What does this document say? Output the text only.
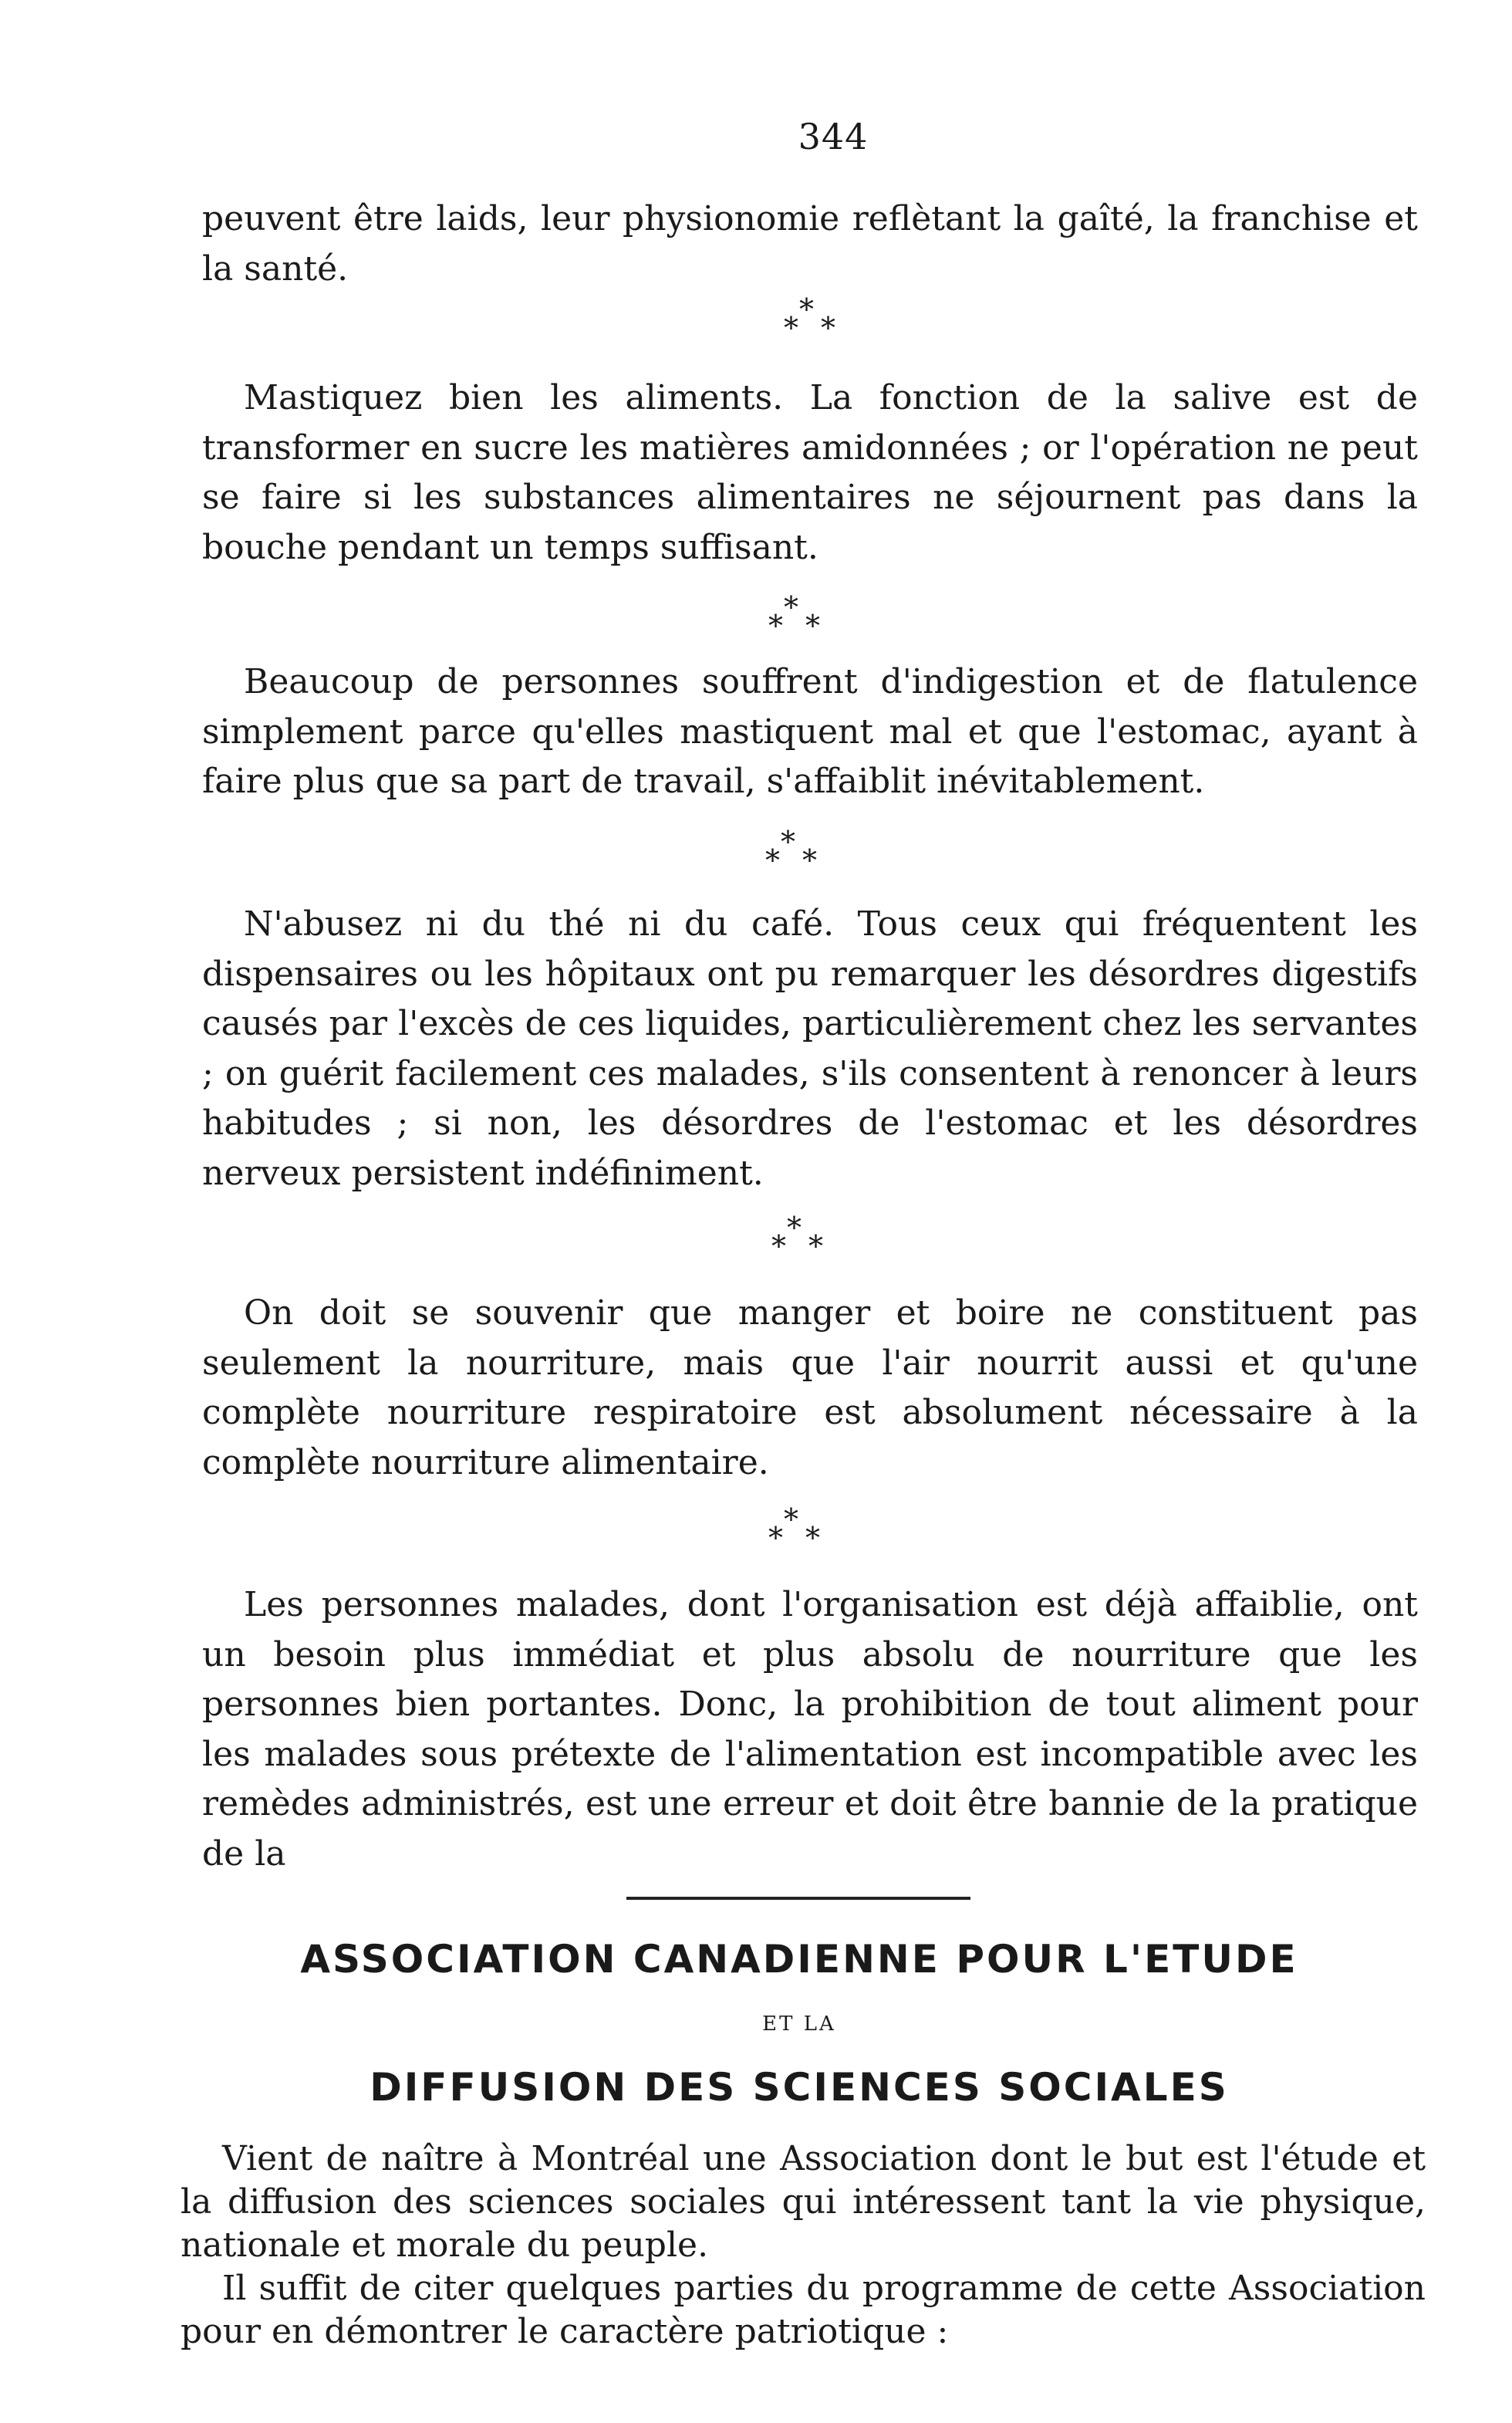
344

peuvent être laids, leur physionomie reflètant la gaîté, la franchise et la santé.

*
* *

Mastiquez bien les aliments. La fonction de la salive est de transformer en sucre les matières amidonnées ; or l'opération ne peut se faire si les substances alimentaires ne séjournent pas dans la bouche pendant un temps suffisant.

*
* *

Beaucoup de personnes souffrent d'indigestion et de flatulence simplement parce qu'elles mastiquent mal et que l'estomac, ayant à faire plus que sa part de travail, s'affaiblit inévitablement.

*
* *

N'abusez ni du thé ni du café. Tous ceux qui fréquentent les dispensaires ou les hôpitaux ont pu remarquer les désordres digestifs causés par l'excès de ces liquides, particulièrement chez les servantes ; on guérit facilement ces malades, s'ils consentent à renoncer à leurs habitudes ; si non, les désordres de l'estomac et les désordres nerveux persistent indéfiniment.

*
* *

On doit se souvenir que manger et boire ne constituent pas seulement la nourriture, mais que l'air nourrit aussi et qu'une complète nourriture respiratoire est absolument nécessaire à la complète nourriture alimentaire.

*
* *

Les personnes malades, dont l'organisation est déjà affaiblie, ont un besoin plus immédiat et plus absolu de nourriture que les personnes bien portantes. Donc, la prohibition de tout aliment pour les malades sous prétexte de l'alimentation est incompatible avec les remèdes administrés, est une erreur et doit être bannie de la pratique de la

ASSOCIATION CANADIENNE POUR L'ETUDE
ET LA
DIFFUSION DES SCIENCES SOCIALES

Vient de naître à Montréal une Association dont le but est l'étude et la diffusion des sciences sociales qui intéressent tant la vie physique, nationale et morale du peuple.

Il suffit de citer quelques parties du programme de cette Association pour en démontrer le caractère patriotique :
